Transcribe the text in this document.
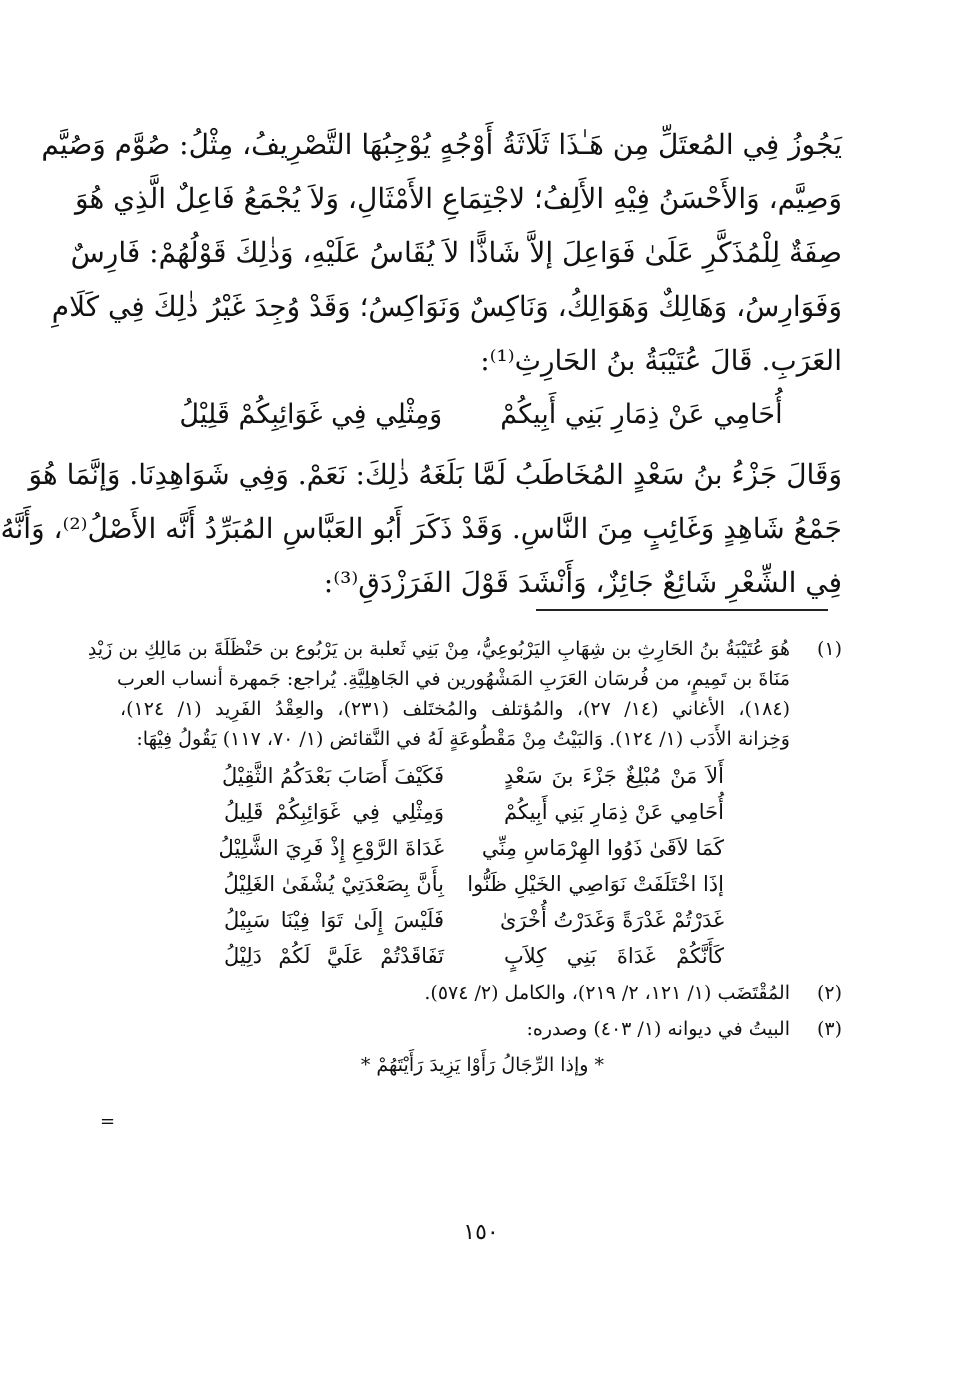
يَجُوزُ فِي المُعتَلِّ مِن هَـٰذَا ثَلَاثَةُ أَوْجُهٍ يُوْجِبُهَا التَّصْرِيفُ، مِثْلُ: صُوَّم وَصُيَّم
وَصِيَّم، وَالأَحْسَنُ فِيْهِ الأَلِفُ؛ لاجْتِمَاعِ الأَمْثَالِ، وَلاَ يُجْمَعُ فَاعِلٌ الَّذِي هُوَ
صِفَةٌ لِلْمُذَكَّرِ عَلَىٰ فَوَاعِلَ إلاَّ شَاذًّا لاَ يُقَاسُ عَلَيْهِ، وَذٰلِكَ قَوْلُهُمْ: فَارِسٌ
وَفَوَارِسُ، وَهَالِكٌ وَهَوَالِكُ، وَنَاكِسٌ وَنَوَاكِسُ؛ وَقَدْ وُجِدَ غَيْرُ ذٰلِكَ فِي كَلَامِ
العَرَبِ. قَالَ عُتَيْبَةُ بنُ الحَارِثِ⁽¹⁾:
أُحَامِي عَنْ ذِمَارِ بَنِي أَبِيكُمْ
وَمِثْلِي فِي غَوَائِبِكُمْ قَلِيْلُ
وَقَالَ جَزْءُ بنُ سَعْدٍ المُخَاطَبُ لَمَّا بَلَغَهُ ذٰلِكَ: نَعَمْ. وَفِي شَوَاهِدِنَا. وَإنَّمَا هُوَ
جَمْعُ شَاهِدٍ وَغَائِبٍ مِنَ النَّاسِ. وَقَدْ ذَكَرَ أَبُو العَبَّاسِ المُبَرِّدُ أَنَّه الأَصْلُ⁽²⁾، وَأَنَّهُ
فِي الشِّعْرِ شَائِعٌ جَائِزٌ، وَأَنْشَدَ قَوْلَ الفَرَزْدَقِ⁽³⁾:
(١)هُوَ عُتَيْبَةُ بنُ الحَارِثِ بن شِهَابِ اليَرْبُوعِيُّ، مِنْ بَنِي ثَعلبة بن يَرْبُوع بن حَنْظَلَةَ بن مَالِكِ بن زَيْدِ
مَنَاةَ بن تَمِيمٍ، من فُرسَان العَرَبِ المَشْهُورين في الجَاهِلِيَّةِ. يُراجع: جَمهرة أنساب العرب
(١٨٤)، الأغاني (١٤/ ٢٧)، والمُؤتلف والمُختَلف (٢٣١)، والعِقْدُ الفَرِيد (١/ ١٢٤)،
وَخِزانة الأَدَب (١/ ١٢٤). وَالبَيْتُ مِنْ مَقْطُوعَةٍ لَهُ في النَّقائض (١/ ٧٠، ١١٧) يَقُولُ فِيْهَا:
أَلاَ مَنْ مُبْلِغٌ جَزْءَ بنَ سَعْدٍ
فَكَيْفَ أَصَابَ بَعْدَكُمُ الثَّقِيْلُ
أُحَامِي عَنْ ذِمَارِ بَنِي أَبِيكُمْ
وَمِثْلِي فِي غَوَائِبِكُمْ قَلِيلُ
كَمَا لاَقَىٰ ذَوُوا الهِرْمَاسِ مِنِّي
غَدَاةَ الرَّوْعِ إِذْ فَرِيَ الشَّلِيْلُ
إذَا اخْتَلَفَتْ نَوَاصِي الخَيْلِ ظَنُّوا
بِأَنَّ بِصَعْدَتِيْ يُشْفَىٰ الغَلِيْلُ
غَدَرْتُمْ غَدْرَةً وَغَدَرْتُ أُخْرَىٰ
فَلَيْسَ إِلَىٰ تَوَا فِيْنَا سَبِيْلُ
كَأَنَّكُمْ غَدَاةَ بَنِي كِلاَبٍ
تَفَاقَدْتُمْ عَلَيَّ لَكُمْ دَلِيْلُ
(٢)المُقْتَضَب (١/ ١٢١، ٢/ ٢١٩)، والكامل (٢/ ٥٧٤).
(٣)البيتُ في ديوانه (١/ ٤٠٣) وصدره:
* وإذا الرِّجَالُ رَأَوْا يَزِيدَ رَأَيْتَهُمْ *
=
١٥٠
